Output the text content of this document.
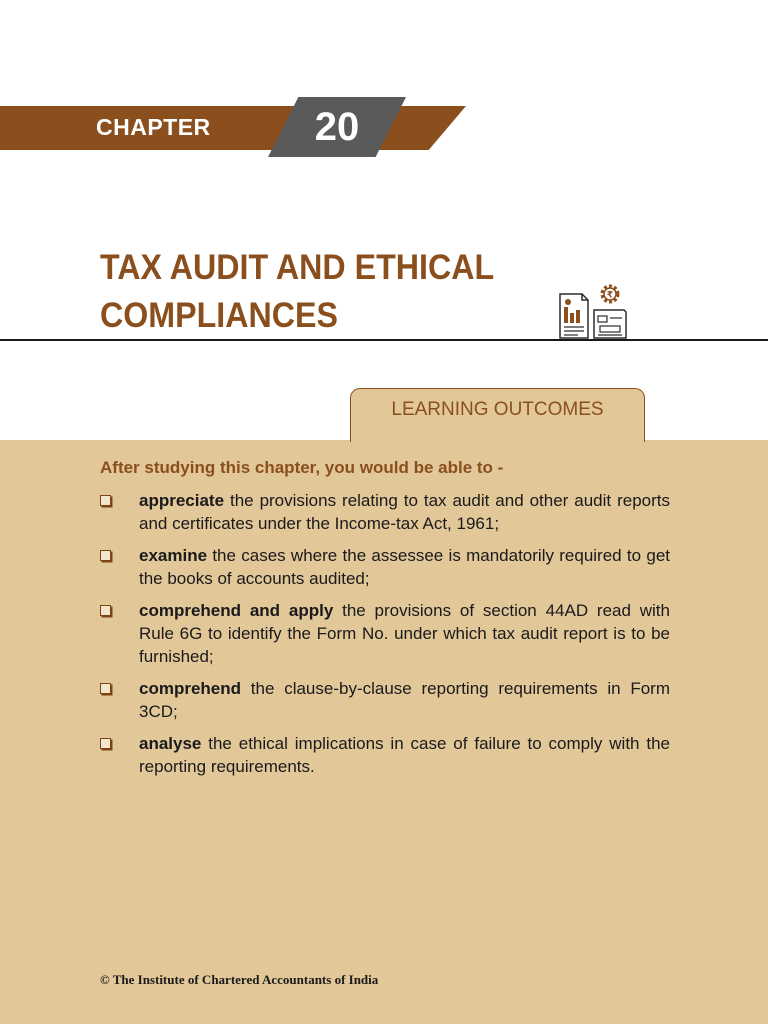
CHAPTER	20
TAX AUDIT AND ETHICAL
COMPLIANCES
₹
LEARNING OUTCOMES
After studying this chapter, you would be able to -
appreciate the provisions relating to tax audit and other audit reports and certificates under the Income-tax Act, 1961;
examine the cases where the assessee is mandatorily required to get the books of accounts audited;
comprehend and apply the provisions of section 44AD read with Rule 6G to identify the Form No. under which tax audit report is to be furnished;
comprehend the clause-by-clause reporting requirements in Form 3CD;
analyse the ethical implications in case of failure to comply with the reporting requirements.
© The Institute of Chartered Accountants of India
